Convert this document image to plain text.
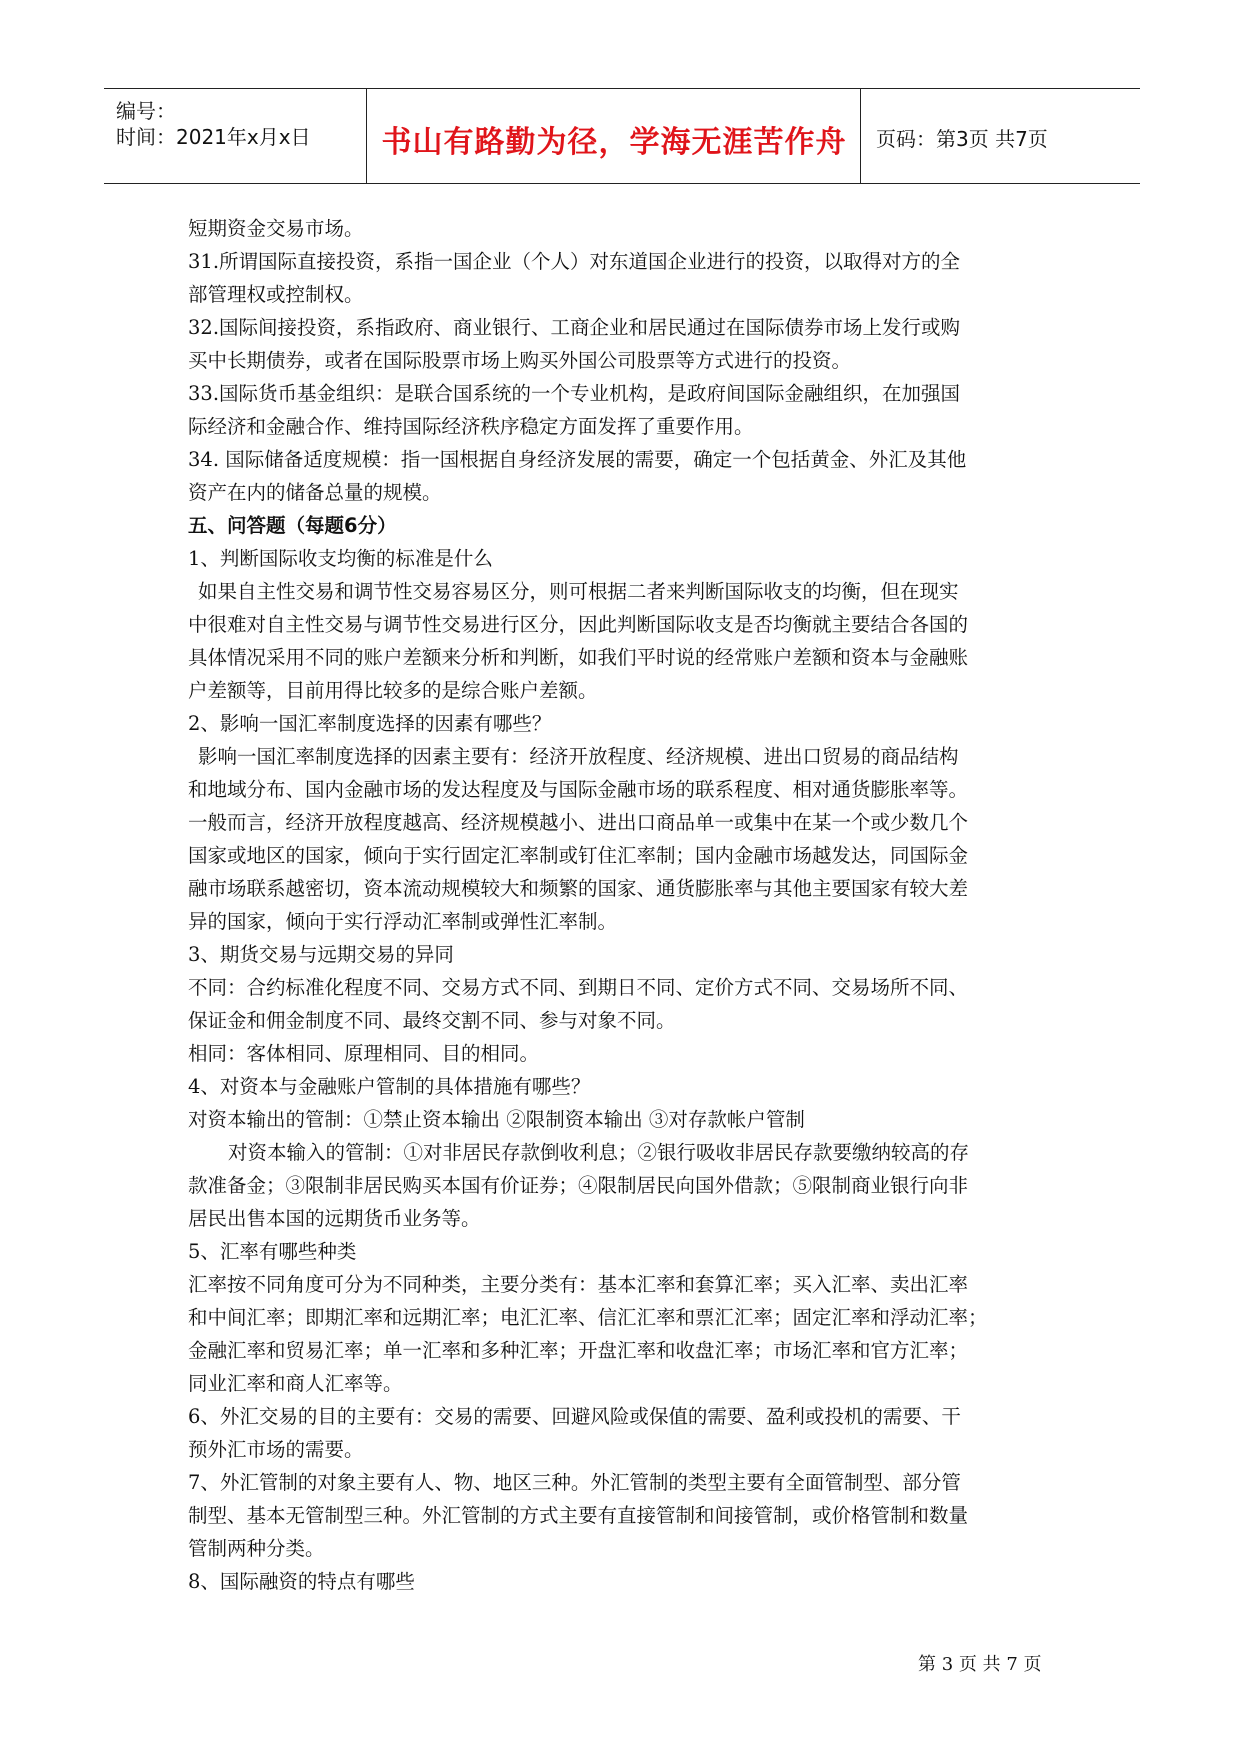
编号：
时间：2021年x月x日	书山有路勤为径，学海无涯苦作舟	页码：第3页 共7页
短期资金交易市场。
31.所谓国际直接投资，系指一国企业（个人）对东道国企业进行的投资，以取得对方的全
部管理权或控制权。
32.国际间接投资，系指政府、商业银行、工商企业和居民通过在国际债券市场上发行或购
买中长期债券，或者在国际股票市场上购买外国公司股票等方式进行的投资。
33.国际货币基金组织：是联合国系统的一个专业机构，是政府间国际金融组织，在加强国
际经济和金融合作、维持国际经济秩序稳定方面发挥了重要作用。
34. 国际储备适度规模：指一国根据自身经济发展的需要，确定一个包括黄金、外汇及其他
资产在内的储备总量的规模。
五、问答题（每题6分）
1、判断国际收支均衡的标准是什么
如果自主性交易和调节性交易容易区分，则可根据二者来判断国际收支的均衡，但在现实
中很难对自主性交易与调节性交易进行区分，因此判断国际收支是否均衡就主要结合各国的
具体情况采用不同的账户差额来分析和判断，如我们平时说的经常账户差额和资本与金融账
户差额等，目前用得比较多的是综合账户差额。
2、影响一国汇率制度选择的因素有哪些？
影响一国汇率制度选择的因素主要有：经济开放程度、经济规模、进出口贸易的商品结构
和地域分布、国内金融市场的发达程度及与国际金融市场的联系程度、相对通货膨胀率等。
一般而言，经济开放程度越高、经济规模越小、进出口商品单一或集中在某一个或少数几个
国家或地区的国家，倾向于实行固定汇率制或钉住汇率制；国内金融市场越发达，同国际金
融市场联系越密切，资本流动规模较大和频繁的国家、通货膨胀率与其他主要国家有较大差
异的国家，倾向于实行浮动汇率制或弹性汇率制。
3、期货交易与远期交易的异同
不同：合约标准化程度不同、交易方式不同、到期日不同、定价方式不同、交易场所不同、
保证金和佣金制度不同、最终交割不同、参与对象不同。
相同：客体相同、原理相同、目的相同。
4、对资本与金融账户管制的具体措施有哪些？
对资本输出的管制：①禁止资本输出 ②限制资本输出 ③对存款帐户管制
对资本输入的管制：①对非居民存款倒收利息；②银行吸收非居民存款要缴纳较高的存
款准备金；③限制非居民购买本国有价证券；④限制居民向国外借款；⑤限制商业银行向非
居民出售本国的远期货币业务等。
5、汇率有哪些种类
汇率按不同角度可分为不同种类，主要分类有：基本汇率和套算汇率；买入汇率、卖出汇率
和中间汇率；即期汇率和远期汇率；电汇汇率、信汇汇率和票汇汇率；固定汇率和浮动汇率；
金融汇率和贸易汇率；单一汇率和多种汇率；开盘汇率和收盘汇率；市场汇率和官方汇率；
同业汇率和商人汇率等。
6、外汇交易的目的主要有：交易的需要、回避风险或保值的需要、盈利或投机的需要、干
预外汇市场的需要。
7、外汇管制的对象主要有人、物、地区三种。外汇管制的类型主要有全面管制型、部分管
制型、基本无管制型三种。外汇管制的方式主要有直接管制和间接管制，或价格管制和数量
管制两种分类。
8、国际融资的特点有哪些
第 3 页 共 7 页
